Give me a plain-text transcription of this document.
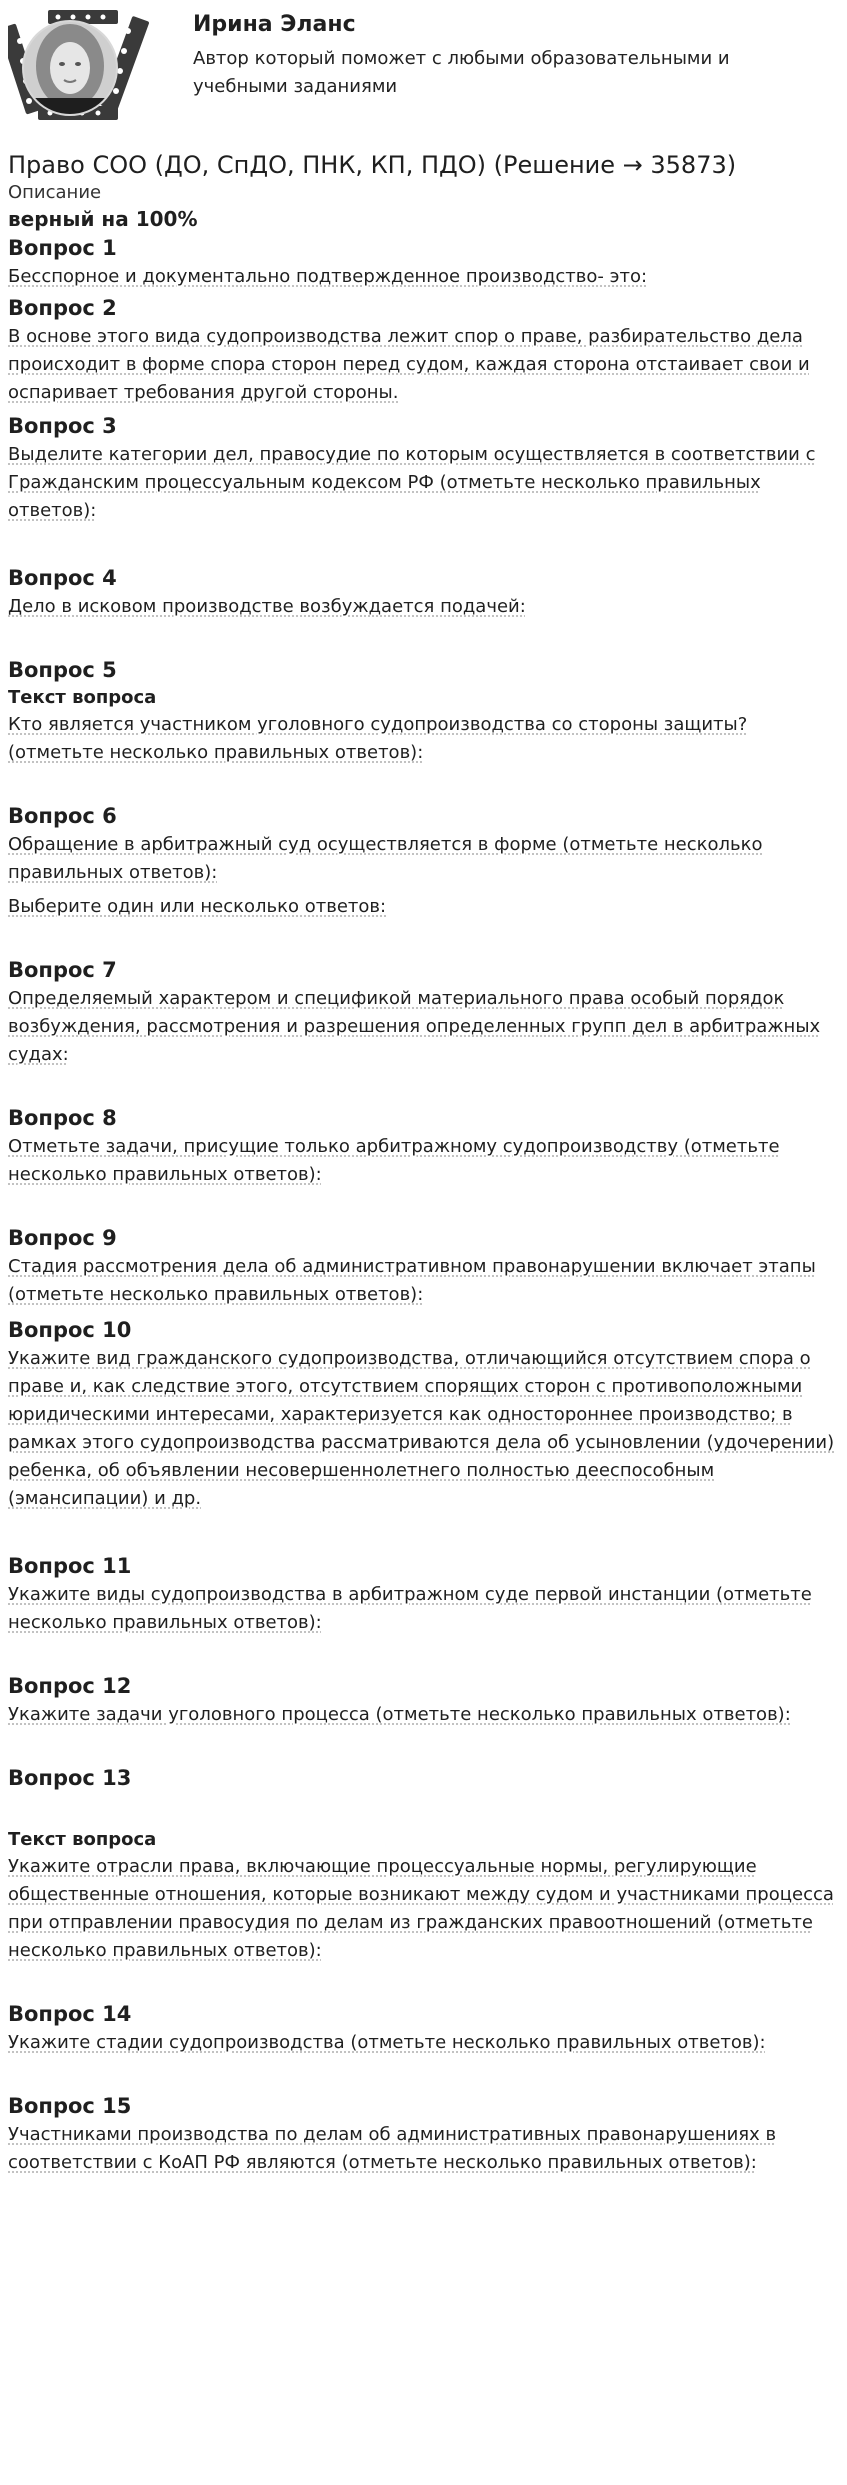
Ирина Эланс
Автор который поможет с любыми образовательными и учебными заданиями
Право СОО (ДО, СпДО, ПНК, КП, ПДО) (Решение → 35873)
Описание
верный на 100%
Вопрос 1
Бесспорное и документально подтвержденное производство- это:
Вопрос 2
В основе этого вида судопроизводства лежит спор о праве, разбирательство дела происходит в форме спора сторон перед судом, каждая сторона отстаивает свои и оспаривает требования другой стороны.
Вопрос 3
Выделите категории дел, правосудие по которым осуществляется в соответствии с Гражданским процессуальным кодексом РФ (отметьте несколько правильных ответов):
Вопрос 4
Дело в исковом производстве возбуждается подачей:
Вопрос 5
Текст вопроса
Кто является участником уголовного судопроизводства со стороны защиты? (отметьте несколько правильных ответов):
Вопрос 6
Обращение в арбитражный суд осуществляется в форме (отметьте несколько правильных ответов):
Выберите один или несколько ответов:
Вопрос 7
Определяемый характером и спецификой материального права особый порядок возбуждения, рассмотрения и разрешения определенных групп дел в арбитражных судах:
Вопрос 8
Отметьте задачи, присущие только арбитражному судопроизводству (отметьте несколько правильных ответов):
Вопрос 9
Стадия рассмотрения дела об административном правонарушении включает этапы (отметьте несколько правильных ответов):
Вопрос 10
Укажите вид гражданского судопроизводства, отличающийся отсутствием спора о праве и, как следствие этого, отсутствием спорящих сторон с противоположными юридическими интересами, характеризуется как одностороннее производство; в рамках этого судопроизводства рассматриваются дела об усыновлении (удочерении) ребенка, об объявлении несовершеннолетнего полностью дееспособным (эмансипации) и др.
Вопрос 11
Укажите виды судопроизводства в арбитражном суде первой инстанции (отметьте несколько правильных ответов):
Вопрос 12
Укажите задачи уголовного процесса (отметьте несколько правильных ответов):
Вопрос 13
Текст вопроса
Укажите отрасли права, включающие процессуальные нормы, регулирующие общественные отношения, которые возникают между судом и участниками процесса при отправлении правосудия по делам из гражданских правоотношений (отметьте несколько правильных ответов):
Вопрос 14
Укажите стадии судопроизводства (отметьте несколько правильных ответов):
Вопрос 15
Участниками производства по делам об административных правонарушениях в соответствии с КоАП РФ являются (отметьте несколько правильных ответов):
